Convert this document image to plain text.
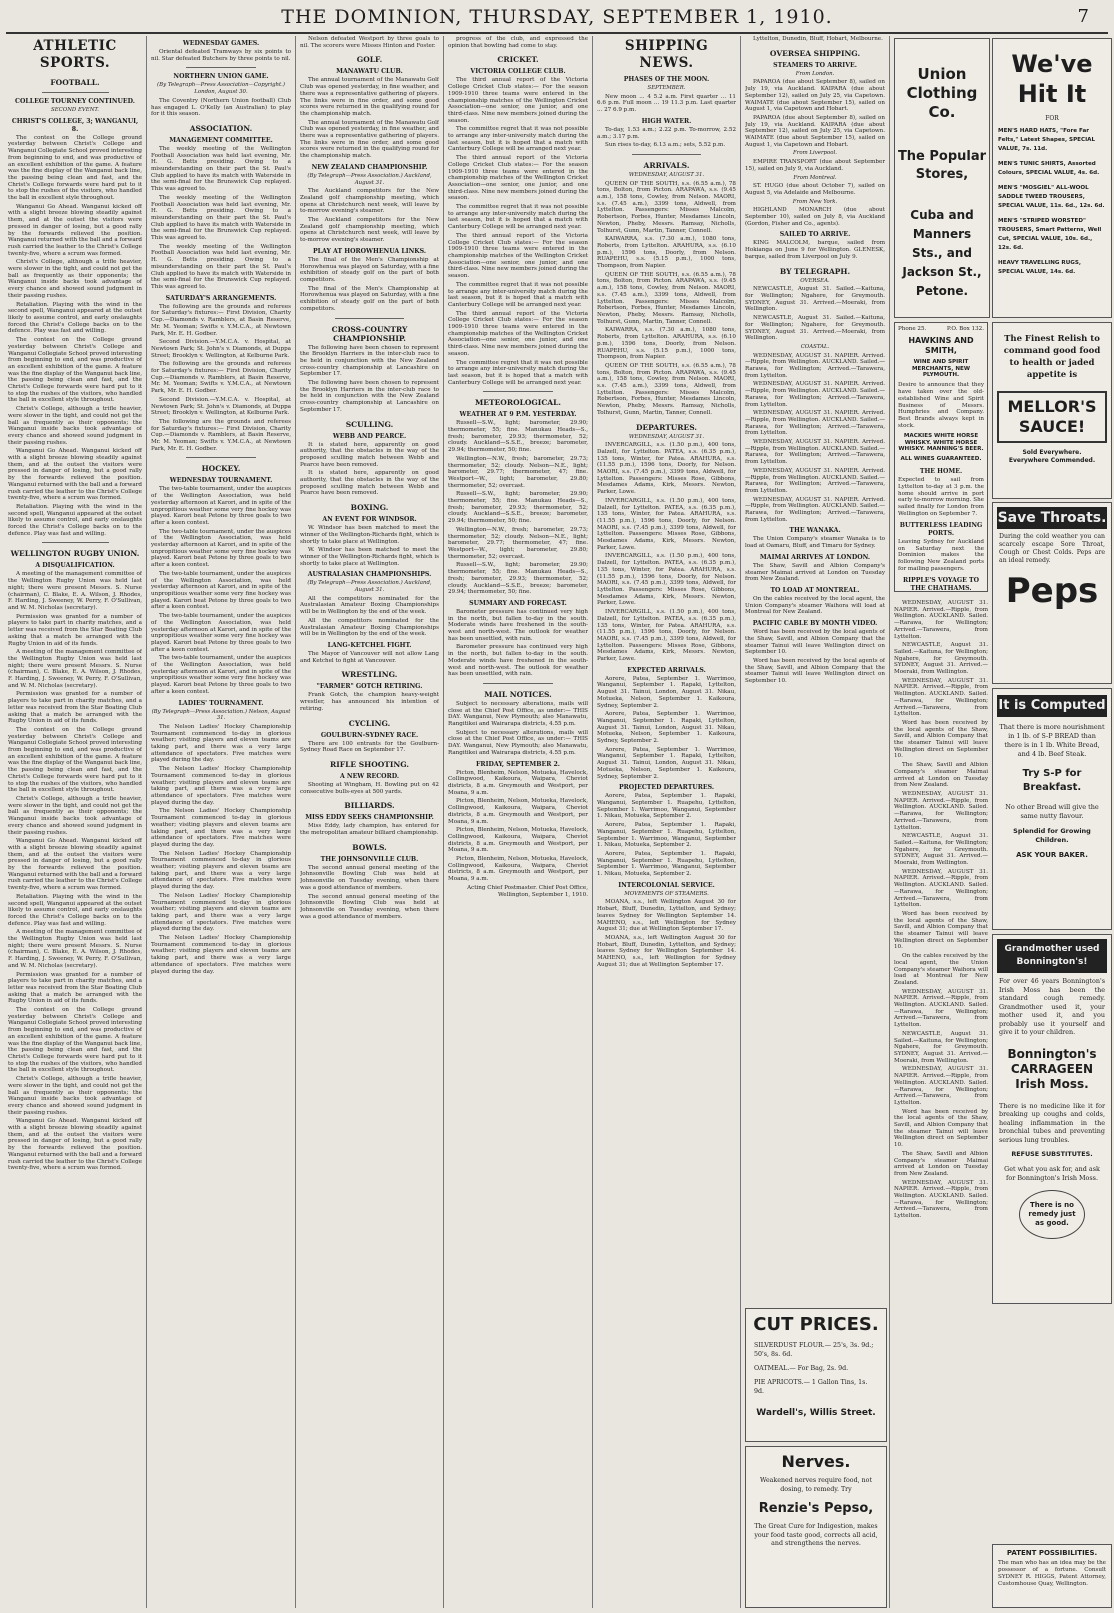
THE DOMINION, THURSDAY, SEPTEMBER 1, 1910.	7
ATHLETIC SPORTS.
FOOTBALL.
COLLEGE TOURNEY CONTINUED.
SECOND EVENT.
CHRIST'S COLLEGE, 3; WANGANUI, 8.

The contest on the College ground yesterday between Christ's College and Wanganui Collegiate School proved interesting from beginning to end, and was productive of an excellent exhibition of the game. A feature was the fine display of the Wanganui back line, the passing being clean and fast, and the Christ's College forwards were hard put to it to stop the rushes of the visitors, who handled the ball in excellent style throughout.

Wanganui Go Ahead. Wanganui kicked off with a slight breeze blowing steadily against them, and at the outset the visitors were pressed in danger of losing, but a good rally by the forwards relieved the position. Wanganui returned with the ball and a forward rush carried the leather to the Christ's College twenty-five, where a scrum was formed.

Christ's College, although a trifle heavier, were slower in the tight, and could not get the ball as frequently as their opponents; the Wanganui inside backs took advantage of every chance and showed sound judgment in their passing rushes.

Retaliation. Playing with the wind in the second spell, Wanganui appeared at the outset likely to assume control, and early onslaughts forced the Christ's College backs on to the defence. Play was fast and willing.

The contest on the College ground yesterday between Christ's College and Wanganui Collegiate School proved interesting from beginning to end, and was productive of an excellent exhibition of the game. A feature was the fine display of the Wanganui back line, the passing being clean and fast, and the Christ's College forwards were hard put to it to stop the rushes of the visitors, who handled the ball in excellent style throughout.

Christ's College, although a trifle heavier, were slower in the tight, and could not get the ball as frequently as their opponents; the Wanganui inside backs took advantage of every chance and showed sound judgment in their passing rushes.

Wanganui Go Ahead. Wanganui kicked off with a slight breeze blowing steadily against them, and at the outset the visitors were pressed in danger of losing, but a good rally by the forwards relieved the position. Wanganui returned with the ball and a forward rush carried the leather to the Christ's College twenty-five, where a scrum was formed.

Retaliation. Playing with the wind in the second spell, Wanganui appeared at the outset likely to assume control, and early onslaughts forced the Christ's College backs on to the defence. Play was fast and willing.

WELLINGTON RUGBY UNION.
A DISQUALIFICATION.

A meeting of the management committee of the Wellington Rugby Union was held last night; there were present Messrs. S. Nurse (chairman), C. Blake, E. A. Wilson, J. Rhodes, F. Harding, J. Sweeney, W. Perry, F. O'Sullivan, and W. M. Nicholas (secretary).

Permission was granted for a number of players to take part in charity matches, and a letter was received from the Star Boating Club asking that a match be arranged with the Rugby Union in aid of its funds.

A meeting of the management committee of the Wellington Rugby Union was held last night; there were present Messrs. S. Nurse (chairman), C. Blake, E. A. Wilson, J. Rhodes, F. Harding, J. Sweeney, W. Perry, F. O'Sullivan, and W. M. Nicholas (secretary).

Permission was granted for a number of players to take part in charity matches, and a letter was received from the Star Boating Club asking that a match be arranged with the Rugby Union in aid of its funds.

The contest on the College ground yesterday between Christ's College and Wanganui Collegiate School proved interesting from beginning to end, and was productive of an excellent exhibition of the game. A feature was the fine display of the Wanganui back line, the passing being clean and fast, and the Christ's College forwards were hard put to it to stop the rushes of the visitors, who handled the ball in excellent style throughout.

Christ's College, although a trifle heavier, were slower in the tight, and could not get the ball as frequently as their opponents; the Wanganui inside backs took advantage of every chance and showed sound judgment in their passing rushes.

Wanganui Go Ahead. Wanganui kicked off with a slight breeze blowing steadily against them, and at the outset the visitors were pressed in danger of losing, but a good rally by the forwards relieved the position. Wanganui returned with the ball and a forward rush carried the leather to the Christ's College twenty-five, where a scrum was formed.

Retaliation. Playing with the wind in the second spell, Wanganui appeared at the outset likely to assume control, and early onslaughts forced the Christ's College backs on to the defence. Play was fast and willing.

A meeting of the management committee of the Wellington Rugby Union was held last night; there were present Messrs. S. Nurse (chairman), C. Blake, E. A. Wilson, J. Rhodes, F. Harding, J. Sweeney, W. Perry, F. O'Sullivan, and W. M. Nicholas (secretary).

Permission was granted for a number of players to take part in charity matches, and a letter was received from the Star Boating Club asking that a match be arranged with the Rugby Union in aid of its funds.

The contest on the College ground yesterday between Christ's College and Wanganui Collegiate School proved interesting from beginning to end, and was productive of an excellent exhibition of the game. A feature was the fine display of the Wanganui back line, the passing being clean and fast, and the Christ's College forwards were hard put to it to stop the rushes of the visitors, who handled the ball in excellent style throughout.

Christ's College, although a trifle heavier, were slower in the tight, and could not get the ball as frequently as their opponents; the Wanganui inside backs took advantage of every chance and showed sound judgment in their passing rushes.

Wanganui Go Ahead. Wanganui kicked off with a slight breeze blowing steadily against them, and at the outset the visitors were pressed in danger of losing, but a good rally by the forwards relieved the position. Wanganui returned with the ball and a forward rush carried the leather to the Christ's College twenty-five, where a scrum was formed.

WEDNESDAY GAMES.

Oriental defeated Tramways by six points to nil. Star defeated Butchers by three points to nil.

NORTHERN UNION GAME.
(By Telegraph—Press Association—Copyright.) London, August 30.

The Coventry (Northern Union football) Club has engaged L. O'Kelly (an Australian) to play for it this season.

ASSOCIATION.
MANAGEMENT COMMITTEE.

The weekly meeting of the Wellington Football Association was held last evening, Mr. H. G. Betts presiding. Owing to a misunderstanding on their part the St. Paul's Club applied to have its match with Waterside in the semi-final for the Brunswick Cup replayed. This was agreed to.

The weekly meeting of the Wellington Football Association was held last evening, Mr. H. G. Betts presiding. Owing to a misunderstanding on their part the St. Paul's Club applied to have its match with Waterside in the semi-final for the Brunswick Cup replayed. This was agreed to.

The weekly meeting of the Wellington Football Association was held last evening, Mr. H. G. Betts presiding. Owing to a misunderstanding on their part the St. Paul's Club applied to have its match with Waterside in the semi-final for the Brunswick Cup replayed. This was agreed to.

SATURDAY'S ARRANGEMENTS.

The following are the grounds and referees for Saturday's fixtures:— First Division, Charity Cup.—Diamonds v. Ramblers, at Basin Reserve, Mr. M. Yeoman; Swifts v. Y.M.C.A., at Newtown Park, Mr. E. H. Godber.

Second Division.—Y.M.C.A. v. Hospital, at Newtown Park; St. John's v. Diamonds, at Duppa Street; Brooklyn v. Wellington, at Kelburne Park.

The following are the grounds and referees for Saturday's fixtures:— First Division, Charity Cup.—Diamonds v. Ramblers, at Basin Reserve, Mr. M. Yeoman; Swifts v. Y.M.C.A., at Newtown Park, Mr. E. H. Godber.

Second Division.—Y.M.C.A. v. Hospital, at Newtown Park; St. John's v. Diamonds, at Duppa Street; Brooklyn v. Wellington, at Kelburne Park.

The following are the grounds and referees for Saturday's fixtures:— First Division, Charity Cup.—Diamonds v. Ramblers, at Basin Reserve, Mr. M. Yeoman; Swifts v. Y.M.C.A., at Newtown Park, Mr. E. H. Godber.

HOCKEY.
WEDNESDAY TOURNAMENT.

The two-table tournament, under the auspices of the Wellington Association, was held yesterday afternoon at Karori, and in spite of the unpropitious weather some very fine hockey was played. Karori beat Petone by three goals to two after a keen contest.

The two-table tournament, under the auspices of the Wellington Association, was held yesterday afternoon at Karori, and in spite of the unpropitious weather some very fine hockey was played. Karori beat Petone by three goals to two after a keen contest.

The two-table tournament, under the auspices of the Wellington Association, was held yesterday afternoon at Karori, and in spite of the unpropitious weather some very fine hockey was played. Karori beat Petone by three goals to two after a keen contest.

The two-table tournament, under the auspices of the Wellington Association, was held yesterday afternoon at Karori, and in spite of the unpropitious weather some very fine hockey was played. Karori beat Petone by three goals to two after a keen contest.

The two-table tournament, under the auspices of the Wellington Association, was held yesterday afternoon at Karori, and in spite of the unpropitious weather some very fine hockey was played. Karori beat Petone by three goals to two after a keen contest.

LADIES' TOURNAMENT.
(By Telegraph—Press Association.) Nelson, August 31.

The Nelson Ladies' Hockey Championship Tournament commenced to-day in glorious weather; visiting players and eleven teams are taking part, and there was a very large attendance of spectators. Five matches were played during the day.

The Nelson Ladies' Hockey Championship Tournament commenced to-day in glorious weather; visiting players and eleven teams are taking part, and there was a very large attendance of spectators. Five matches were played during the day.

The Nelson Ladies' Hockey Championship Tournament commenced to-day in glorious weather; visiting players and eleven teams are taking part, and there was a very large attendance of spectators. Five matches were played during the day.

The Nelson Ladies' Hockey Championship Tournament commenced to-day in glorious weather; visiting players and eleven teams are taking part, and there was a very large attendance of spectators. Five matches were played during the day.

The Nelson Ladies' Hockey Championship Tournament commenced to-day in glorious weather; visiting players and eleven teams are taking part, and there was a very large attendance of spectators. Five matches were played during the day.

The Nelson Ladies' Hockey Championship Tournament commenced to-day in glorious weather; visiting players and eleven teams are taking part, and there was a very large attendance of spectators. Five matches were played during the day.

Nelson defeated Westport by three goals to nil. The scorers were Misses Hinton and Foster.

GOLF.
MANAWATU CLUB.

The annual tournament of the Manawatu Golf Club was opened yesterday, in fine weather, and there was a representative gathering of players. The links were in fine order, and some good scores were returned in the qualifying round for the championship match.

The annual tournament of the Manawatu Golf Club was opened yesterday, in fine weather, and there was a representative gathering of players. The links were in fine order, and some good scores were returned in the qualifying round for the championship match.

NEW ZEALAND CHAMPIONSHIP.
(By Telegraph—Press Association.) Auckland, August 31.

The Auckland competitors for the New Zealand golf championship meeting, which opens at Christchurch next week, will leave by to-morrow evening's steamer.

The Auckland competitors for the New Zealand golf championship meeting, which opens at Christchurch next week, will leave by to-morrow evening's steamer.

PLAY AT HOROWHENUA LINKS.

The final of the Men's Championship at Horowhenua was played on Saturday, with a fine exhibition of steady golf on the part of both competitors.

The final of the Men's Championship at Horowhenua was played on Saturday, with a fine exhibition of steady golf on the part of both competitors.

CROSS-COUNTRY CHAMPIONSHIP.

The following have been chosen to represent the Brooklyn Harriers in the inter-club race to be held in conjunction with the New Zealand cross-country championship at Lancashire on September 17.

The following have been chosen to represent the Brooklyn Harriers in the inter-club race to be held in conjunction with the New Zealand cross-country championship at Lancashire on September 17.

SCULLING.
WEBB AND PEARCE.

It is stated here, apparently on good authority, that the obstacles in the way of the proposed sculling match between Webb and Pearce have been removed.

It is stated here, apparently on good authority, that the obstacles in the way of the proposed sculling match between Webb and Pearce have been removed.

BOXING.
AN EVENT FOR WINDSOR.

W. Windsor has been matched to meet the winner of the Wellington-Richards fight, which is shortly to take place at Wellington.

W. Windsor has been matched to meet the winner of the Wellington-Richards fight, which is shortly to take place at Wellington.

AUSTRALASIAN CHAMPIONSHIPS.
(By Telegraph—Press Association.) Auckland, August 31.

All the competitors nominated for the Australasian Amateur Boxing Championships will be in Wellington by the end of the week.

All the competitors nominated for the Australasian Amateur Boxing Championships will be in Wellington by the end of the week.

LANG-KETCHEL FIGHT.

The Mayor of Vancouver will not allow Lang and Ketchel to fight at Vancouver.

WRESTLING.
"FARMER" GOTCH RETIRING.

Frank Gotch, the champion heavy-weight wrestler, has announced his intention of retiring.

CYCLING.
GOULBURN-SYDNEY RACE.

There are 100 entrants for the Goulburn-Sydney Road Race on September 17.

RIFLE SHOOTING.
A NEW RECORD.

Shooting at Wingham, H. Bowling put on 42 consecutive bulls-eyes at 500 yards.

BILLIARDS.
MISS EDDY SEEKS CHAMPIONSHIP.

Miss Eddy, lady champion, has entered for the metropolitan amateur billiard championship.

BOWLS.
THE JOHNSONVILLE CLUB.

The second annual general meeting of the Johnsonville Bowling Club was held at Johnsonville on Tuesday evening, when there was a good attendance of members.

The second annual general meeting of the Johnsonville Bowling Club was held at Johnsonville on Tuesday evening, when there was a good attendance of members.

progress of the club, and expressed the opinion that bowling had come to stay.

CRICKET.
VICTORIA COLLEGE CLUB.

The third annual report of the Victoria College Cricket Club states:— For the season 1909-1910 three teams were entered in the championship matches of the Wellington Cricket Association—one senior, one junior, and one third-class. Nine new members joined during the season.

The committee regret that it was not possible to arrange any inter-university match during the last season, but it is hoped that a match with Canterbury College will be arranged next year.

The third annual report of the Victoria College Cricket Club states:— For the season 1909-1910 three teams were entered in the championship matches of the Wellington Cricket Association—one senior, one junior, and one third-class. Nine new members joined during the season.

The committee regret that it was not possible to arrange any inter-university match during the last season, but it is hoped that a match with Canterbury College will be arranged next year.

The third annual report of the Victoria College Cricket Club states:— For the season 1909-1910 three teams were entered in the championship matches of the Wellington Cricket Association—one senior, one junior, and one third-class. Nine new members joined during the season.

The committee regret that it was not possible to arrange any inter-university match during the last season, but it is hoped that a match with Canterbury College will be arranged next year.

The third annual report of the Victoria College Cricket Club states:— For the season 1909-1910 three teams were entered in the championship matches of the Wellington Cricket Association—one senior, one junior, and one third-class. Nine new members joined during the season.

The committee regret that it was not possible to arrange any inter-university match during the last season, but it is hoped that a match with Canterbury College will be arranged next year.

METEOROLOGICAL.
WEATHER AT 9 P.M. YESTERDAY.

Russell—S.W., light; barometer, 29.90; thermometer, 55; fine. Manukau Heads—S., fresh; barometer, 29.93; thermometer, 52; cloudy. Auckland—S.S.E., breeze; barometer, 29.94; thermometer, 50; fine.

Wellington—N.W., fresh; barometer, 29.73; thermometer, 52; cloudy. Nelson—N.E., light; barometer, 29.77; thermometer, 47; fine. Westport—W., light; barometer, 29.80; thermometer, 52; overcast.

Russell—S.W., light; barometer, 29.90; thermometer, 55; fine. Manukau Heads—S., fresh; barometer, 29.93; thermometer, 52; cloudy. Auckland—S.S.E., breeze; barometer, 29.94; thermometer, 50; fine.

Wellington—N.W., fresh; barometer, 29.73; thermometer, 52; cloudy. Nelson—N.E., light; barometer, 29.77; thermometer, 47; fine. Westport—W., light; barometer, 29.80; thermometer, 52; overcast.

Russell—S.W., light; barometer, 29.90; thermometer, 55; fine. Manukau Heads—S., fresh; barometer, 29.93; thermometer, 52; cloudy. Auckland—S.S.E., breeze; barometer, 29.94; thermometer, 50; fine.

SUMMARY AND FORECAST.

Barometer pressure has continued very high in the north, but fallen to-day in the south. Moderate winds have freshened in the south-west and north-west. The outlook for weather has been unsettled, with rain.

Barometer pressure has continued very high in the north, but fallen to-day in the south. Moderate winds have freshened in the south-west and north-west. The outlook for weather has been unsettled, with rain.

MAIL NOTICES.

Subject to necessary alterations, mails will close at the Chief Post Office, as under:— THIS DAY. Wanganui, New Plymouth; also Manawatu, Rangitikei and Wairarapa districts, 4.55 p.m.

Subject to necessary alterations, mails will close at the Chief Post Office, as under:— THIS DAY. Wanganui, New Plymouth; also Manawatu, Rangitikei and Wairarapa districts, 4.55 p.m.

FRIDAY, SEPTEMBER 2.

Picton, Blenheim, Nelson, Motueka, Havelock, Collingwood, Kaikoura, Waipara, Cheviot districts, 8 a.m. Greymouth and Westport, per Moana, 9 a.m.

Picton, Blenheim, Nelson, Motueka, Havelock, Collingwood, Kaikoura, Waipara, Cheviot districts, 8 a.m. Greymouth and Westport, per Moana, 9 a.m.

Picton, Blenheim, Nelson, Motueka, Havelock, Collingwood, Kaikoura, Waipara, Cheviot districts, 8 a.m. Greymouth and Westport, per Moana, 9 a.m.

Picton, Blenheim, Nelson, Motueka, Havelock, Collingwood, Kaikoura, Waipara, Cheviot districts, 8 a.m. Greymouth and Westport, per Moana, 9 a.m.

Acting Chief Postmaster. Chief Post Office, Wellington, September 1, 1910.

SHIPPING NEWS.
PHASES OF THE MOON.
SEPTEMBER.

New moon ... 4 5.2 a.m. First quarter ... 11 6.6 p.m. Full moon ... 19 11.3 p.m. Last quarter ... 27 6.9 p.m.

HIGH WATER.

To-day, 1.53 a.m.; 2.22 p.m. To-morrow, 2.52 a.m.; 3.17 p.m.

Sun rises to-day, 6.13 a.m.; sets, 5.52 p.m.

ARRIVALS.
WEDNESDAY, AUGUST 31.

QUEEN OF THE SOUTH, s.s. (6.55 a.m.), 78 tons, Bolton, from Picton. ARAPAWA, s.s. (9.45 a.m.), 158 tons, Cowley, from Nelson. MAORI, s.s. (7.45 a.m.), 3399 tons, Aldwell, from Lyttelton. Passengers: Misses Malcolm, Robertson, Forbes, Hunter, Mesdames Lincoln, Newton, Pheby, Messrs. Ramsay, Nicholls, Tolhurst, Gunn, Martin, Tanner, Connell.

KAIWARRA, s.s. (7.30 a.m.), 1080 tons, Roberts, from Lyttelton. ARAHURA, s.s. (6.10 p.m.), 1596 tons, Doorly, from Nelson. RUAPEHU, s.s. (5.15 p.m.), 1000 tons, Thompson, from Napier.

QUEEN OF THE SOUTH, s.s. (6.55 a.m.), 78 tons, Bolton, from Picton. ARAPAWA, s.s. (9.45 a.m.), 158 tons, Cowley, from Nelson. MAORI, s.s. (7.45 a.m.), 3399 tons, Aldwell, from Lyttelton. Passengers: Misses Malcolm, Robertson, Forbes, Hunter, Mesdames Lincoln, Newton, Pheby, Messrs. Ramsay, Nicholls, Tolhurst, Gunn, Martin, Tanner, Connell.

KAIWARRA, s.s. (7.30 a.m.), 1080 tons, Roberts, from Lyttelton. ARAHURA, s.s. (6.10 p.m.), 1596 tons, Doorly, from Nelson. RUAPEHU, s.s. (5.15 p.m.), 1000 tons, Thompson, from Napier.

QUEEN OF THE SOUTH, s.s. (6.55 a.m.), 78 tons, Bolton, from Picton. ARAPAWA, s.s. (9.45 a.m.), 158 tons, Cowley, from Nelson. MAORI, s.s. (7.45 a.m.), 3399 tons, Aldwell, from Lyttelton. Passengers: Misses Malcolm, Robertson, Forbes, Hunter, Mesdames Lincoln, Newton, Pheby, Messrs. Ramsay, Nicholls, Tolhurst, Gunn, Martin, Tanner, Connell.

DEPARTURES.
WEDNESDAY, AUGUST 31.

INVERCARGILL, s.s. (1.50 p.m.), 400 tons, Dalzell, for Lyttelton. PATEA, s.s. (6.35 p.m.), 135 tons, Winter, for Patea. ARAHURA, s.s. (11.55 p.m.), 1596 tons, Doorly, for Nelson. MAORI, s.s. (7.45 p.m.), 3399 tons, Aldwell, for Lyttelton. Passengers: Misses Rose, Gibbons, Mesdames Adams, Kirk, Messrs. Newton, Parker, Lowe.

INVERCARGILL, s.s. (1.50 p.m.), 400 tons, Dalzell, for Lyttelton. PATEA, s.s. (6.35 p.m.), 135 tons, Winter, for Patea. ARAHURA, s.s. (11.55 p.m.), 1596 tons, Doorly, for Nelson. MAORI, s.s. (7.45 p.m.), 3399 tons, Aldwell, for Lyttelton. Passengers: Misses Rose, Gibbons, Mesdames Adams, Kirk, Messrs. Newton, Parker, Lowe.

INVERCARGILL, s.s. (1.50 p.m.), 400 tons, Dalzell, for Lyttelton. PATEA, s.s. (6.35 p.m.), 135 tons, Winter, for Patea. ARAHURA, s.s. (11.55 p.m.), 1596 tons, Doorly, for Nelson. MAORI, s.s. (7.45 p.m.), 3399 tons, Aldwell, for Lyttelton. Passengers: Misses Rose, Gibbons, Mesdames Adams, Kirk, Messrs. Newton, Parker, Lowe.

INVERCARGILL, s.s. (1.50 p.m.), 400 tons, Dalzell, for Lyttelton. PATEA, s.s. (6.35 p.m.), 135 tons, Winter, for Patea. ARAHURA, s.s. (11.55 p.m.), 1596 tons, Doorly, for Nelson. MAORI, s.s. (7.45 p.m.), 3399 tons, Aldwell, for Lyttelton. Passengers: Misses Rose, Gibbons, Mesdames Adams, Kirk, Messrs. Newton, Parker, Lowe.

EXPECTED ARRIVALS.

Aorere, Patea, September 1. Warrimoo, Wanganui, September 1. Rapaki, Lyttelton, August 31. Tainui, London, August 31. Nikau, Motueka, Nelson, September 1. Kaikoura, Sydney, September 2.

Aorere, Patea, September 1. Warrimoo, Wanganui, September 1. Rapaki, Lyttelton, August 31. Tainui, London, August 31. Nikau, Motueka, Nelson, September 1. Kaikoura, Sydney, September 2.

Aorere, Patea, September 1. Warrimoo, Wanganui, September 1. Rapaki, Lyttelton, August 31. Tainui, London, August 31. Nikau, Motueka, Nelson, September 1. Kaikoura, Sydney, September 2.

PROJECTED DEPARTURES.

Aorere, Patea, September 1. Rapaki, Wanganui, September 1. Ruapehu, Lyttelton, September 1. Warrimoo, Wanganui, September 1. Nikau, Motueka, September 2.

Aorere, Patea, September 1. Rapaki, Wanganui, September 1. Ruapehu, Lyttelton, September 1. Warrimoo, Wanganui, September 1. Nikau, Motueka, September 2.

Aorere, Patea, September 1. Rapaki, Wanganui, September 1. Ruapehu, Lyttelton, September 1. Warrimoo, Wanganui, September 1. Nikau, Motueka, September 2.

INTERCOLONIAL SERVICE.
MOVEMENTS OF STEAMERS.

MOANA, s.s., left Wellington August 30 for Hobart, Bluff, Dunedin, Lyttelton, and Sydney; leaves Sydney for Wellington September 14. MAHENO, s.s., left Wellington for Sydney August 31; due at Wellington September 17.

MOANA, s.s., left Wellington August 30 for Hobart, Bluff, Dunedin, Lyttelton, and Sydney; leaves Sydney for Wellington September 14. MAHENO, s.s., left Wellington for Sydney August 31; due at Wellington September 17.

Lyttelton, Dunedin, Bluff, Hobart, Melbourne.

OVERSEA SHIPPING.
STEAMERS TO ARRIVE.
From London.

PAPAROA (due about September 8), sailed on July 19, via Auckland. KAIPARA (due about September 12), sailed on July 25, via Capetown. WAIMATE (due about September 15), sailed on August 1, via Capetown and Hobart.

PAPAROA (due about September 8), sailed on July 19, via Auckland. KAIPARA (due about September 12), sailed on July 25, via Capetown. WAIMATE (due about September 15), sailed on August 1, via Capetown and Hobart.

From Liverpool.

EMPIRE TRANSPORT (due about September 15), sailed on July 9, via Auckland.

From Montreal.

ST. HUGO (due about October 7), sailed on August 5, via Adelaide and Melbourne.

From New York.

HIGHLAND MONARCH (due about September 10), sailed on July 8, via Auckland (Gordon, Fisher and Co., agents).

SAILED TO ARRIVE.

KING MALCOLM, barque, sailed from Hokianga on June 9 for Wellington. GLENESK, barque, sailed from Liverpool on July 9.

BY TELEGRAPH.
OVERSEA.

NEWCASTLE, August 31. Sailed.—Kaituna, for Wellington; Ngahere, for Greymouth. SYDNEY, August 31. Arrived.—Moeraki, from Wellington.

NEWCASTLE, August 31. Sailed.—Kaituna, for Wellington; Ngahere, for Greymouth. SYDNEY, August 31. Arrived.—Moeraki, from Wellington.

COASTAL.

WEDNESDAY, AUGUST 31. NAPIER. Arrived.—Ripple, from Wellington. AUCKLAND. Sailed.—Rarawa, for Wellington; Arrived.—Tarawera, from Lyttelton.

WEDNESDAY, AUGUST 31. NAPIER. Arrived.—Ripple, from Wellington. AUCKLAND. Sailed.—Rarawa, for Wellington; Arrived.—Tarawera, from Lyttelton.

WEDNESDAY, AUGUST 31. NAPIER. Arrived.—Ripple, from Wellington. AUCKLAND. Sailed.—Rarawa, for Wellington; Arrived.—Tarawera, from Lyttelton.

WEDNESDAY, AUGUST 31. NAPIER. Arrived.—Ripple, from Wellington. AUCKLAND. Sailed.—Rarawa, for Wellington; Arrived.—Tarawera, from Lyttelton.

WEDNESDAY, AUGUST 31. NAPIER. Arrived.—Ripple, from Wellington. AUCKLAND. Sailed.—Rarawa, for Wellington; Arrived.—Tarawera, from Lyttelton.

WEDNESDAY, AUGUST 31. NAPIER. Arrived.—Ripple, from Wellington. AUCKLAND. Sailed.—Rarawa, for Wellington; Arrived.—Tarawera, from Lyttelton.

THE WANAKA.

The Union Company's steamer Wanaka is to load at Oamaru, Bluff, and Timaru for Sydney.

MAIMAI ARRIVES AT LONDON.

The Shaw, Savill and Albion Company's steamer Maimai arrived at London on Tuesday from New Zealand.

TO LOAD AT MONTREAL.

On the cables received by the local agent, the Union Company's steamer Waihora will load at Montreal for New Zealand.

PACIFIC CABLE BY MONTH VIDEO.

Word has been received by the local agents of the Shaw, Savill, and Albion Company that the steamer Tainui will leave Wellington direct on September 10.

Word has been received by the local agents of the Shaw, Savill, and Albion Company that the steamer Tainui will leave Wellington direct on September 10.

Union Clothing Co.
The Popular Stores,
Cuba and Manners Sts., and Jackson St., Petone.
We've Hit It
FOR
MEN'S HARD HATS, "Fore Far Felts," Latest Shapes, SPECIAL VALUE, 7s. 11d.
MEN'S TUNIC SHIRTS, Assorted Colours, SPECIAL VALUE, 4s. 6d.
MEN'S "MOSGIEL" ALL-WOOL SADDLE TWEED TROUSERS, SPECIAL VALUE, 11s. 6d., 12s. 6d.
MEN'S "STRIPED WORSTED" TROUSERS, Smart Patterns, Well Cut, SPECIAL VALUE, 10s. 6d., 12s. 6d.
HEAVY TRAVELLING RUGS, SPECIAL VALUE, 14s. 6d.
Phone 25.	P.O. Box 132.
HAWKINS AND SMITH,
WINE AND SPIRIT MERCHANTS, NEW PLYMOUTH.
Desire to announce that they have taken over the old-established Wine and Spirit Business of Messrs. Humphries and Company. Best Brands always kept in stock.
MACKIES WHITE HORSE WHISKY. WHITE HORSE WHISKY. MANNING'S BEER.
ALL WINES GUARANTEED.
THE HOME.
Expected to sail from Lyttelton to-day at 3 p.m. the home should arrive in port early to-morrow morning. She sailed finally for London from Wellington on September 7.
BUTTERLESS LEADING PORTS.
Leaving Sydney for Auckland on Saturday next the Dominion makes the following New Zealand ports for mailing passengers.
RIPPLE'S VOYAGE TO THE CHATHAMS.
The Finest Relish to command good food to health or jaded appetite is
MELLOR'S SAUCE!
Sold Everywhere.
Everywhere Commended.
Save Throats.
During the cold weather you can scarcely escape Sore Throat, Cough or Chest Colds. Peps are an ideal remedy.
Peps
It is Computed
That there is more nourishment in 1 lb. of S-P BREAD than there is in 1 lb. White Bread, and 4 lb. Beef Steak.
Try S-P for Breakfast.
No other Bread will give the same nutty flavour.
Splendid for Growing Children.
ASK YOUR BAKER.
Grandmother used Bonnington's!
For over 46 years Bonnington's Irish Moss has been the standard cough remedy. Grandmother used it, your mother used it, and you probably use it yourself and give it to your children.
Bonnington's CARRAGEEN Irish Moss.
There is no medicine like it for breaking up coughs and colds, healing inflammation in the bronchial tubes and preventing serious lung troubles.
REFUSE SUBSTITUTES.
Get what you ask for, and ask for Bonnington's Irish Moss.
There is no remedy just as good.
CUT PRICES.
SILVERDUST FLOUR.— 25's, 3s. 9d.; 50's, 8s. 6d.
OATMEAL.— For Bag, 2s. 9d.
PIE APRICOTS.— 1 Gallon Tins, 1s. 9d.
Wardell's, Willis Street.
Nerves.
Weakened nerves require food, not dosing, to remedy. Try
Renzie's Pepso,
The Great Cure for Indigestion, makes your food taste good, corrects all acid, and strengthens the nerves.
PATENT POSSIBILITIES.
The man who has an idea may be the possessor of a fortune. Consult SYDNEY R. HIGGS, Patent Attorney, Customhouse Quay, Wellington.

WEDNESDAY, AUGUST 31. NAPIER. Arrived.—Ripple, from Wellington. AUCKLAND. Sailed.—Rarawa, for Wellington; Arrived.—Tarawera, from Lyttelton.

NEWCASTLE, August 31. Sailed.—Kaituna, for Wellington; Ngahere, for Greymouth. SYDNEY, August 31. Arrived.—Moeraki, from Wellington.

WEDNESDAY, AUGUST 31. NAPIER. Arrived.—Ripple, from Wellington. AUCKLAND. Sailed.—Rarawa, for Wellington; Arrived.—Tarawera, from Lyttelton.

Word has been received by the local agents of the Shaw, Savill, and Albion Company that the steamer Tainui will leave Wellington direct on September 10.

The Shaw, Savill and Albion Company's steamer Maimai arrived at London on Tuesday from New Zealand.

WEDNESDAY, AUGUST 31. NAPIER. Arrived.—Ripple, from Wellington. AUCKLAND. Sailed.—Rarawa, for Wellington; Arrived.—Tarawera, from Lyttelton.

NEWCASTLE, August 31. Sailed.—Kaituna, for Wellington; Ngahere, for Greymouth. SYDNEY, August 31. Arrived.—Moeraki, from Wellington.

WEDNESDAY, AUGUST 31. NAPIER. Arrived.—Ripple, from Wellington. AUCKLAND. Sailed.—Rarawa, for Wellington; Arrived.—Tarawera, from Lyttelton.

Word has been received by the local agents of the Shaw, Savill, and Albion Company that the steamer Tainui will leave Wellington direct on September 10.

On the cables received by the local agent, the Union Company's steamer Waihora will load at Montreal for New Zealand.

WEDNESDAY, AUGUST 31. NAPIER. Arrived.—Ripple, from Wellington. AUCKLAND. Sailed.—Rarawa, for Wellington; Arrived.—Tarawera, from Lyttelton.

NEWCASTLE, August 31. Sailed.—Kaituna, for Wellington; Ngahere, for Greymouth. SYDNEY, August 31. Arrived.—Moeraki, from Wellington.

WEDNESDAY, AUGUST 31. NAPIER. Arrived.—Ripple, from Wellington. AUCKLAND. Sailed.—Rarawa, for Wellington; Arrived.—Tarawera, from Lyttelton.

Word has been received by the local agents of the Shaw, Savill, and Albion Company that the steamer Tainui will leave Wellington direct on September 10.

The Shaw, Savill and Albion Company's steamer Maimai arrived at London on Tuesday from New Zealand.

WEDNESDAY, AUGUST 31. NAPIER. Arrived.—Ripple, from Wellington. AUCKLAND. Sailed.—Rarawa, for Wellington; Arrived.—Tarawera, from Lyttelton.
